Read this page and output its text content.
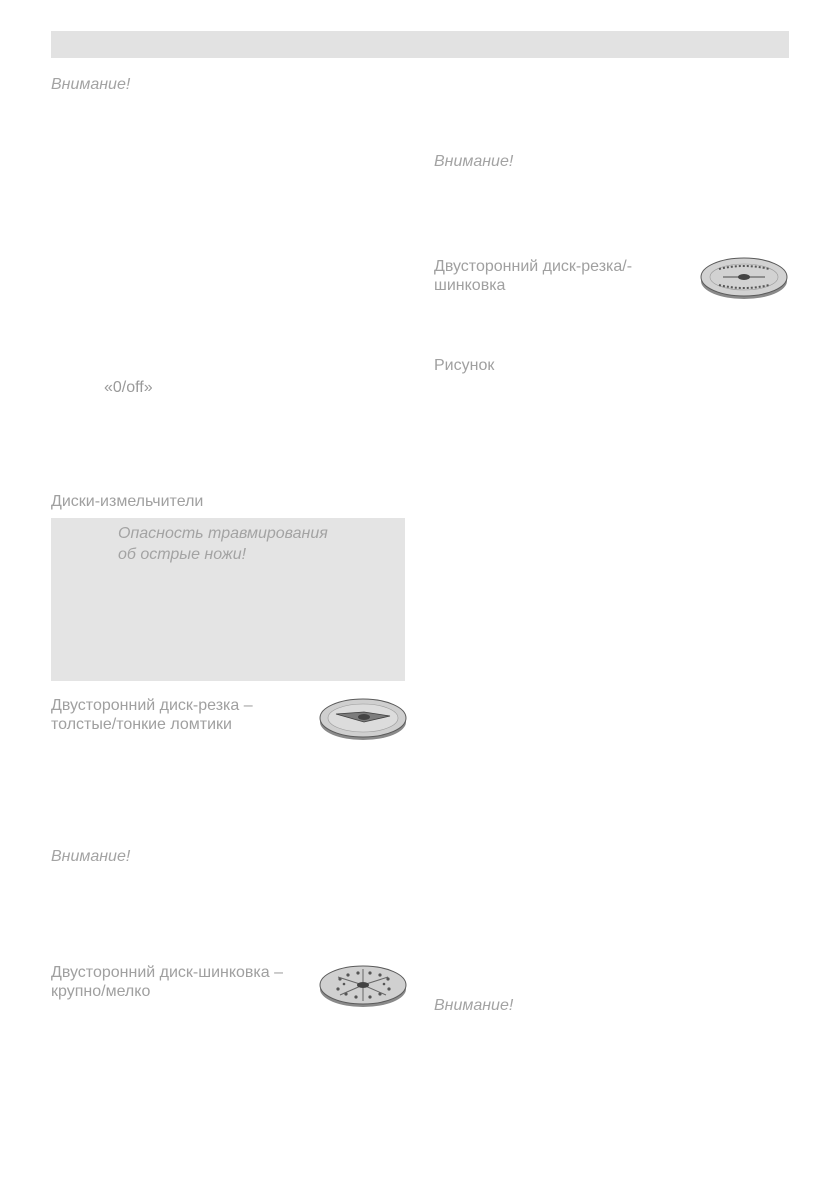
Внимание!
«0/off»
Диски-измельчители
Опасность травмирования
об острые ножи!
Двусторонний диск-резка –
толстые/тонкие ломтики
Внимание!
Двусторонний диск-шинковка –
крупно/мелко
Внимание!
Двусторонний диск-резка/-
шинковка
Рисунок
Внимание!
